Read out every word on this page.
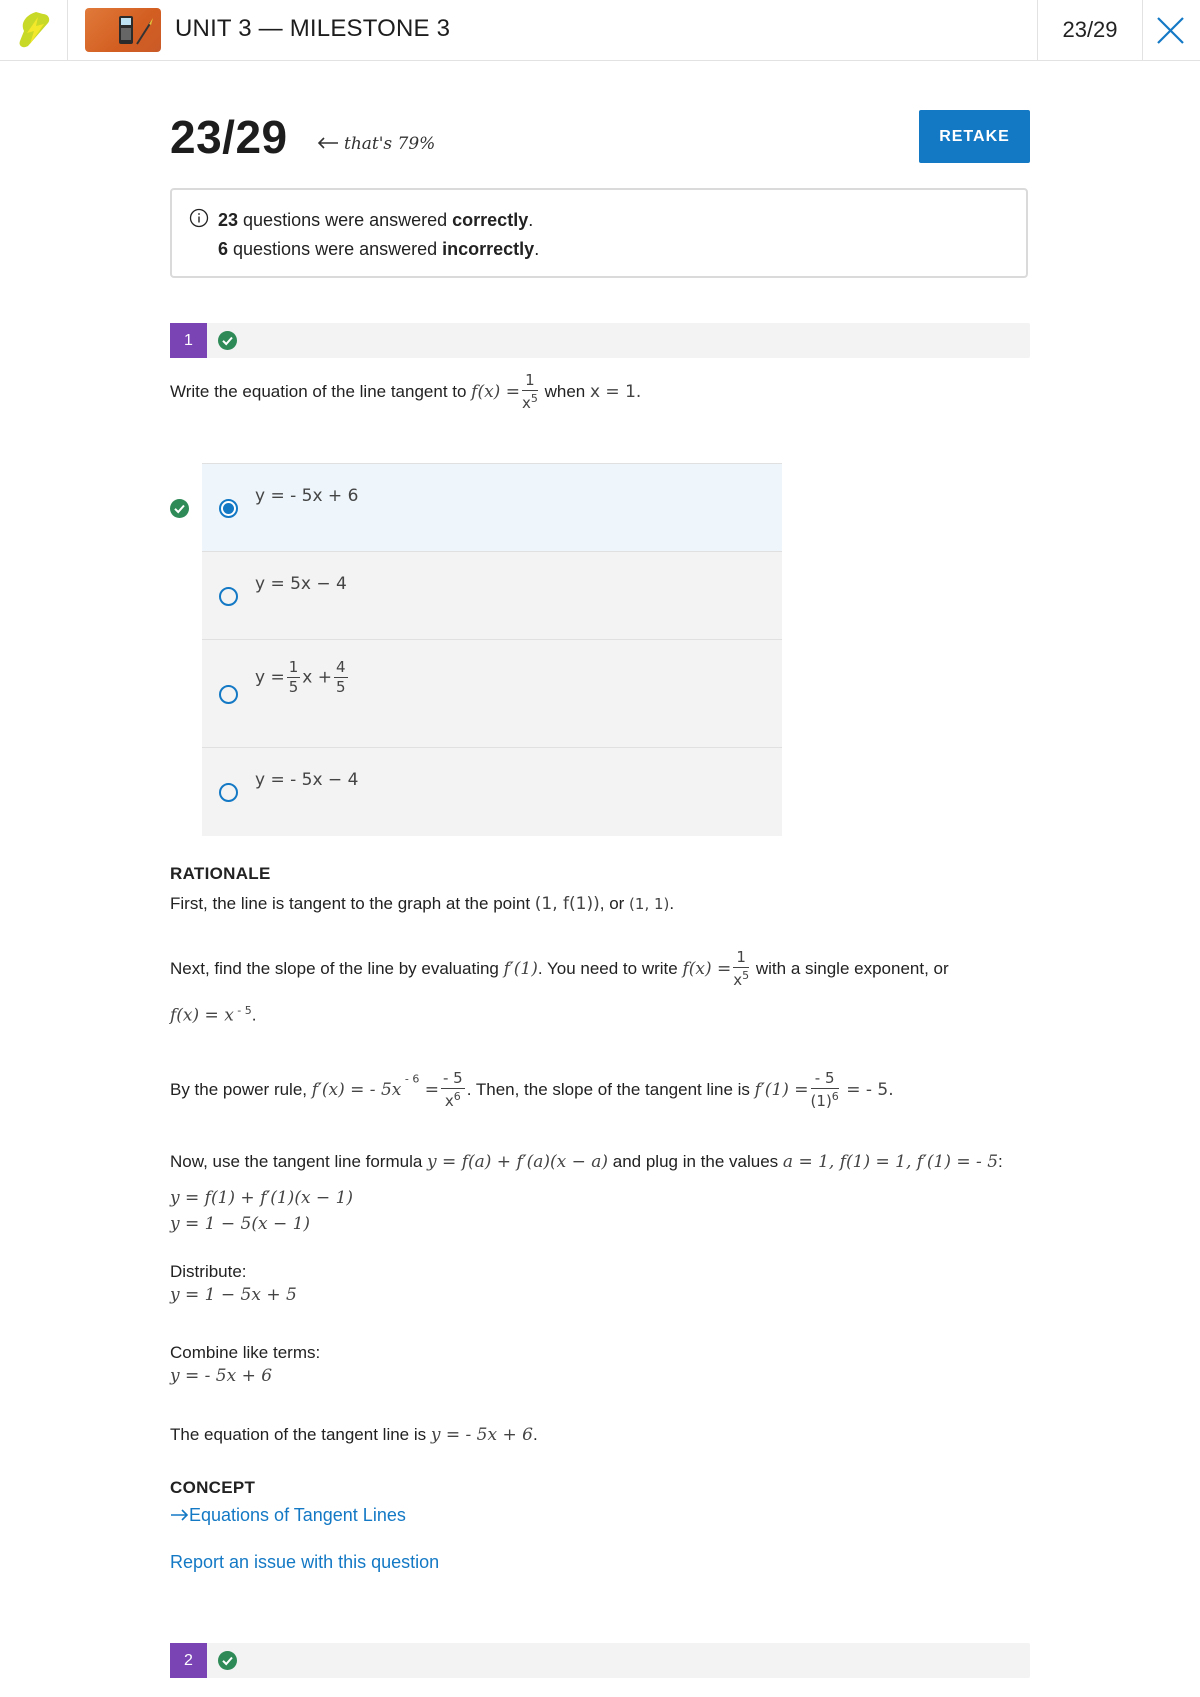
UNIT 3 — MILESTONE 3	23/29
23/29	that's 79%	RETAKE
23 questions were answered correctly.
6 questions were answered incorrectly.
1
Write the equation of the line tangent to $f(x) = \frac{1}{x^5}$ when x = 1.
y = - 5x + 6
y = 5x − 4
$y = \frac{1}{5}$ $x + \frac{4}{5}$
y = - 5x − 4
RATIONALE
First, the line is tangent to the graph at the point (1, f(1)), or (1, 1).
Next, find the slope of the line by evaluating f′(1). You need to write $f(x) = \frac{1}{x^5}$ with a single exponent, or
f(x) = x $^{- 5}$.
By the power rule, f′(x) = - 5x $^{- 6} = \frac{- 5}{x^6}$ . Then, the slope of the tangent line is $f'(1) = \frac{- 5}{(1)^6}$ = - 5.
Now, use the tangent line formula y = f(a) + f′(a)(x − a) and plug in the values a = 1, f(1) = 1, f′(1) = - 5:
y = f(1) + f′(1)(x − 1)
y = 1 − 5(x − 1)
Distribute:
y = 1 − 5x + 5
Combine like terms:
y = - 5x + 6
The equation of the tangent line is y = - 5x + 6.
CONCEPT
Equations of Tangent Lines
Report an issue with this question
2
